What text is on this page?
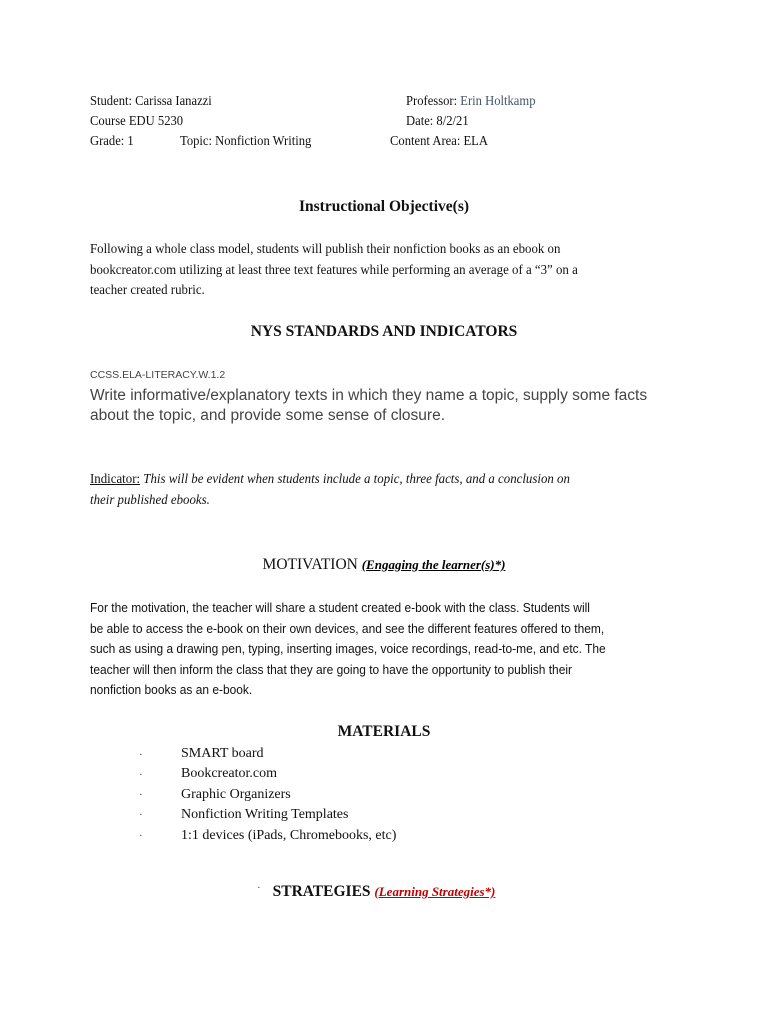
Student: Carissa Ianazzi	Professor: Erin Holtkamp
Course EDU 5230	Date: 8/2/21
Grade: 1	Topic: Nonfiction Writing	Content Area: ELA
Instructional Objective(s)
Following a whole class model, students will publish their nonfiction books as an ebook on
bookcreator.com utilizing at least three text features while performing an average of a “3” on a
teacher created rubric.
NYS STANDARDS AND INDICATORS
CCSS.ELA-LITERACY.W.1.2
Write informative/explanatory texts in which they name a topic, supply some facts
about the topic, and provide some sense of closure.
Indicator: This will be evident when students include a topic, three facts, and a conclusion on
their published ebooks.
MOTIVATION (Engaging the learner(s)*)
For the motivation, the teacher will share a student created e-book with the class. Students will
be able to access the e-book on their own devices, and see the different features offered to them,
such as using a drawing pen, typing, inserting images, voice recordings, read-to-me, and etc. The
teacher will then inform the class that they are going to have the opportunity to publish their
nonfiction books as an e-book.
MATERIALS
·	SMART board
·	Bookcreator.com
·	Graphic Organizers
·	Nonfiction Writing Templates
·	1:1 devices (iPads, Chromebooks, etc)
· STRATEGIES (Learning Strategies*)
